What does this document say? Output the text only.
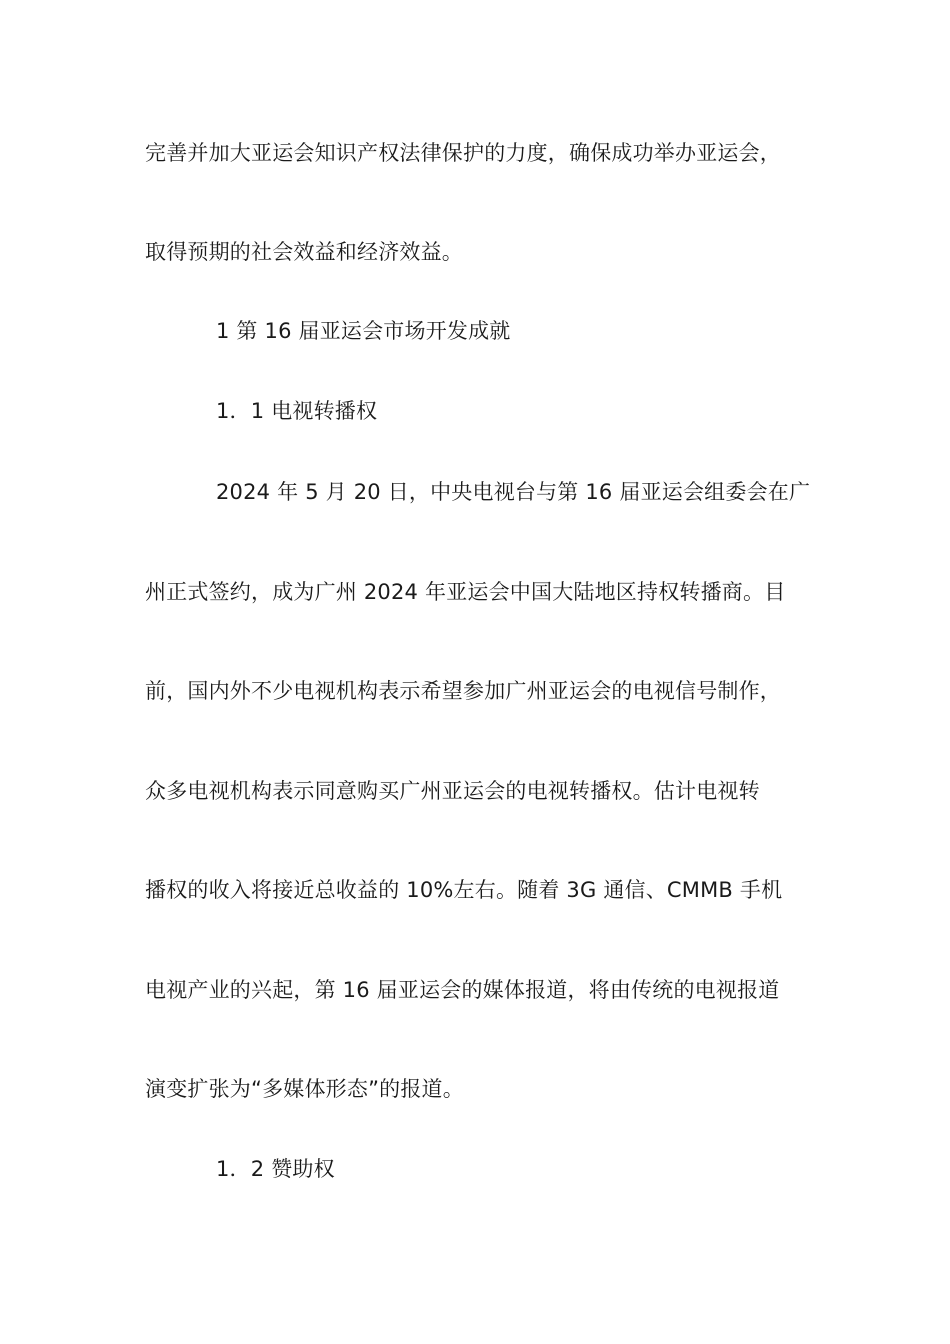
完善并加大亚运会知识产权法律保护的力度，确保成功举办亚运会，
取得预期的社会效益和经济效益。
1 第 16 届亚运会市场开发成就
1．1 电视转播权
2024 年 5 月 20 日，中央电视台与第 16 届亚运会组委会在广
州正式签约，成为广州 2024 年亚运会中国大陆地区持权转播商。目
前，国内外不少电视机构表示希望参加广州亚运会的电视信号制作，
众多电视机构表示同意购买广州亚运会的电视转播权。估计电视转
播权的收入将接近总收益的 10%左右。随着 3G 通信、CMMB 手机
电视产业的兴起，第 16 届亚运会的媒体报道，将由传统的电视报道
演变扩张为“多媒体形态”的报道。
1．2 赞助权
